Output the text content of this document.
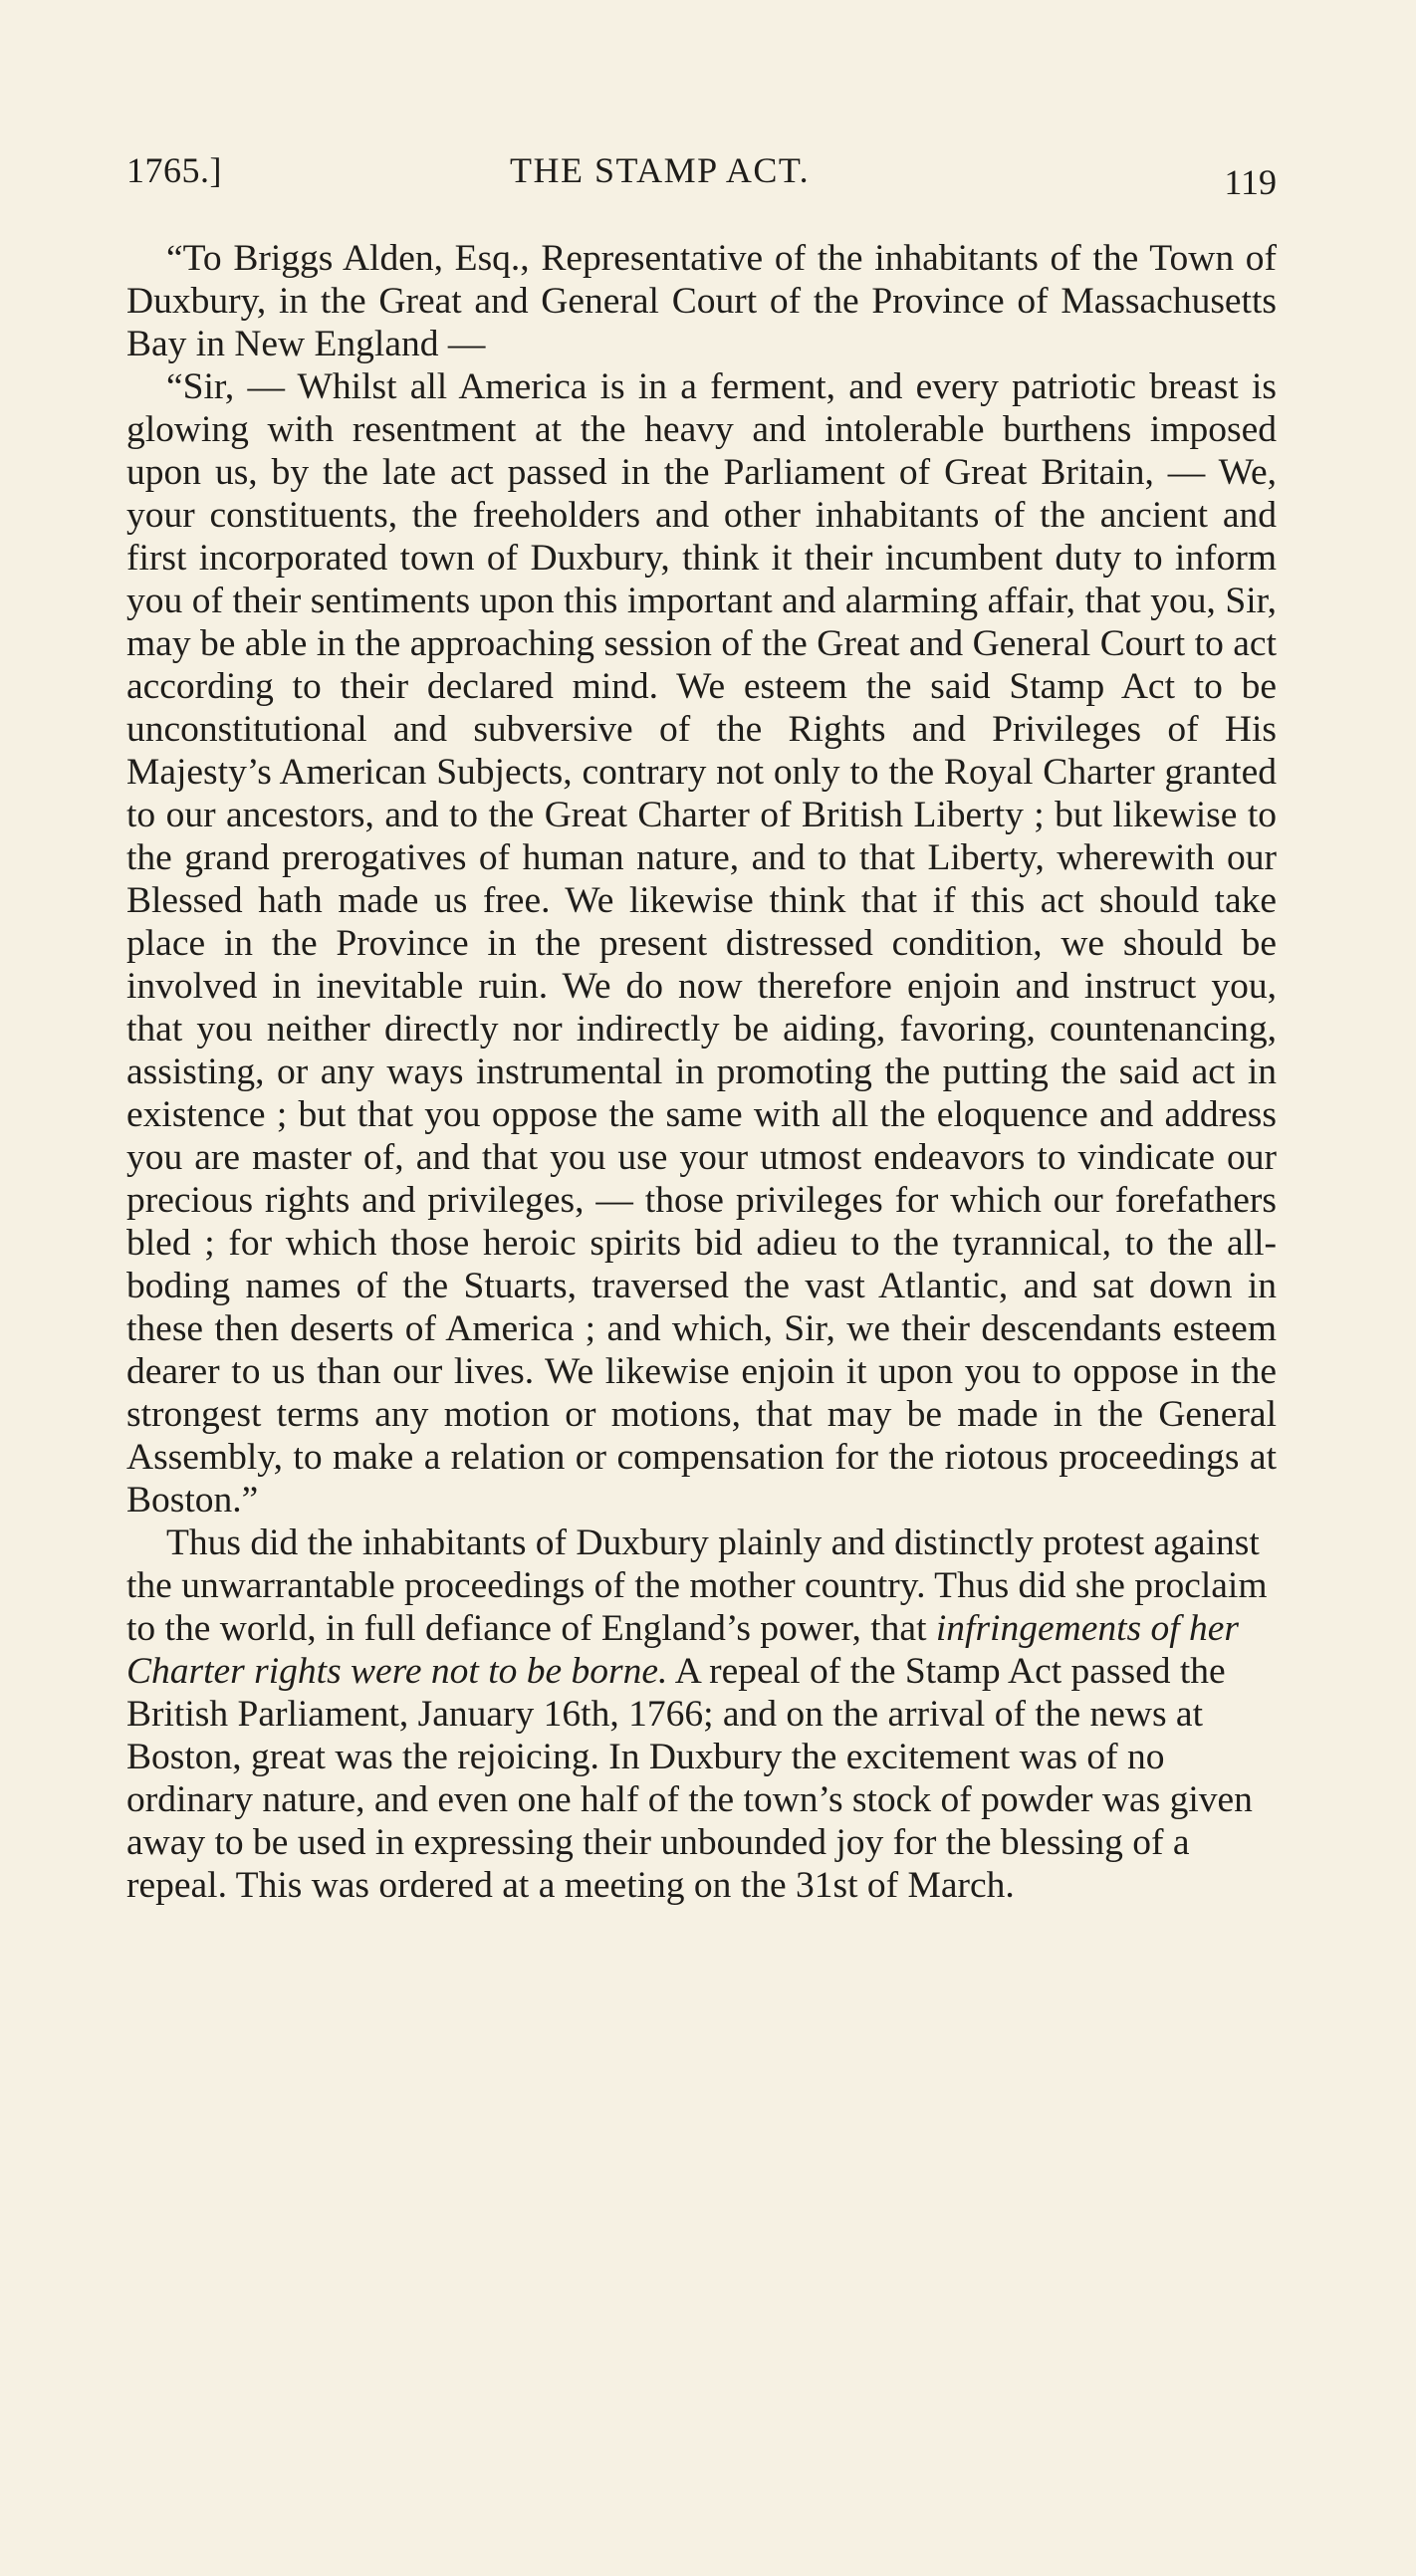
1765.]	THE STAMP ACT.	119

“To Briggs Alden, Esq., Representative of the inhabitants of the Town of Duxbury, in the Great and General Court of the Province of Massachusetts Bay in New England —

“Sir, — Whilst all America is in a ferment, and every patriotic breast is glowing with resentment at the heavy and intolerable burthens imposed upon us, by the late act passed in the Parliament of Great Britain, — We, your constituents, the freeholders and other inhabitants of the ancient and first incorporated town of Duxbury, think it their incumbent duty to inform you of their sentiments upon this important and alarming affair, that you, Sir, may be able in the approaching session of the Great and General Court to act according to their declared mind. We esteem the said Stamp Act to be unconstitutional and subversive of the Rights and Privileges of His Majesty’s American Subjects, contrary not only to the Royal Charter granted to our ancestors, and to the Great Charter of British Liberty ; but likewise to the grand prerogatives of human nature, and to that Liberty, wherewith our Blessed hath made us free. We likewise think that if this act should take place in the Province in the present distressed condition, we should be involved in inevitable ruin. We do now therefore enjoin and instruct you, that you neither directly nor indirectly be aiding, favoring, countenancing, assisting, or any ways instrumental in promoting the putting the said act in existence ; but that you oppose the same with all the eloquence and address you are master of, and that you use your utmost endeavors to vindicate our precious rights and privileges, — those privileges for which our forefathers bled ; for which those heroic spirits bid adieu to the tyrannical, to the all-boding names of the Stuarts, traversed the vast Atlantic, and sat down in these then deserts of America ; and which, Sir, we their descendants esteem dearer to us than our lives. We likewise enjoin it upon you to oppose in the strongest terms any motion or motions, that may be made in the General Assembly, to make a relation or compensation for the riotous proceedings at Boston.”

Thus did the inhabitants of Duxbury plainly and distinctly protest against the unwarrantable proceedings of the mother country. Thus did she proclaim to the world, in full defiance of England’s power, that infringements of her Charter rights were not to be borne. A repeal of the Stamp Act passed the British Parliament, January 16th, 1766; and on the arrival of the news at Boston, great was the rejoicing. In Duxbury the excitement was of no ordinary nature, and even one half of the town’s stock of powder was given away to be used in expressing their unbounded joy for the blessing of a repeal. This was ordered at a meeting on the 31st of March.
